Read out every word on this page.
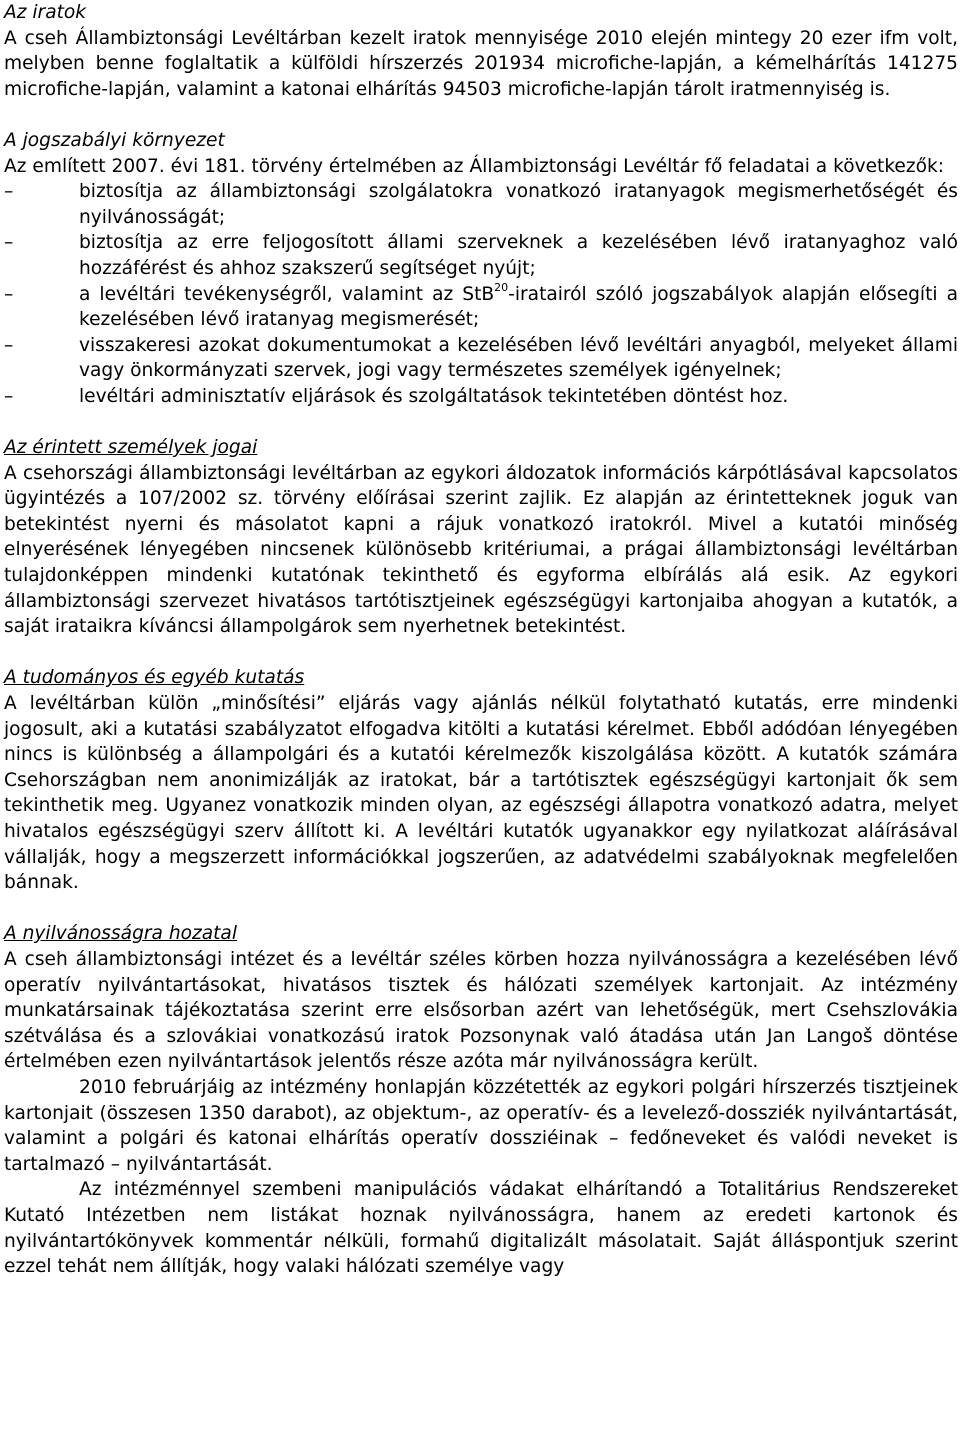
Az iratok

A cseh Állambiztonsági Levéltárban kezelt iratok mennyisége 2010 elején mintegy 20 ezer ifm volt, melyben benne foglaltatik a külföldi hírszerzés 201934 microfiche-lapján, a kémelhárítás 141275 microfiche-lapján, valamint a katonai elhárítás 94503 microfiche-lapján tárolt iratmennyiség is.

A jogszabályi környezet

Az említett 2007. évi 181. törvény értelmében az Állambiztonsági Levéltár fő feladatai a következők:

–	biztosítja az állambiztonsági szolgálatokra vonatkozó iratanyagok megismerhetőségét és nyilvánosságát;
–	biztosítja az erre feljogosított állami szerveknek a kezelésében lévő iratanyaghoz való hozzáférést és ahhoz szakszerű segítséget nyújt;
–	a levéltári tevékenységről, valamint az StB$^{20}$-iratairól szóló jogszabályok alapján elősegíti a kezelésében lévő iratanyag megismerését;
–	visszakeresi azokat dokumentumokat a kezelésében lévő levéltári anyagból, melyeket állami vagy önkormányzati szervek, jogi vagy természetes személyek igényelnek;
–	levéltári adminisztatív eljárások és szolgáltatások tekintetében döntést hoz.

Az érintett személyek jogai

A csehországi állambiztonsági levéltárban az egykori áldozatok információs kárpótlásával kapcsolatos ügyintézés a 107/2002 sz. törvény előírásai szerint zajlik. Ez alapján az érintetteknek joguk van betekintést nyerni és másolatot kapni a rájuk vonatkozó iratokról. Mivel a kutatói minőség elnyerésének lényegében nincsenek különösebb kritériumai, a prágai állambiztonsági levéltárban tulajdonképpen mindenki kutatónak tekinthető és egyforma elbírálás alá esik. Az egykori állambiztonsági szervezet hivatásos tartótisztjeinek egészségügyi kartonjaiba ahogyan a kutatók, a saját irataikra kíváncsi állampolgárok sem nyerhetnek betekintést.

A tudományos és egyéb kutatás

A levéltárban külön „minősítési” eljárás vagy ajánlás nélkül folytatható kutatás, erre mindenki jogosult, aki a kutatási szabályzatot elfogadva kitölti a kutatási kérelmet. Ebből adódóan lényegében nincs is különbség a állampolgári és a kutatói kérelmezők kiszolgálása között. A kutatók számára Csehországban nem anonimizálják az iratokat, bár a tartótisztek egészségügyi kartonjait ők sem tekinthetik meg. Ugyanez vonatkozik minden olyan, az egészségi állapotra vonatkozó adatra, melyet hivatalos egészségügyi szerv állított ki. A levéltári kutatók ugyanakkor egy nyilatkozat aláírásával vállalják, hogy a megszerzett információkkal jogszerűen, az adatvédelmi szabályoknak megfelelően bánnak.

A nyilvánosságra hozatal

A cseh állambiztonsági intézet és a levéltár széles körben hozza nyilvánosságra a kezelésében lévő operatív nyilvántartásokat, hivatásos tisztek és hálózati személyek kartonjait. Az intézmény munkatársainak tájékoztatása szerint erre elsősorban azért van lehetőségük, mert Csehszlovákia szétválása és a szlovákiai vonatkozású iratok Pozsonynak való átadása után Jan Langoš döntése értelmében ezen nyilvántartások jelentős része azóta már nyilvánosságra került.

2010 februárjáig az intézmény honlapján közzétették az egykori polgári hírszerzés tisztjeinek kartonjait (összesen 1350 darabot), az objektum-, az operatív- és a levelező-dossziék nyilvántartását, valamint a polgári és katonai elhárítás operatív dossziéinak – fedőneveket és valódi neveket is tartalmazó – nyilvántartását.

Az intézménnyel szembeni manipulációs vádakat elhárítandó a Totalitárius Rendszereket Kutató Intézetben nem listákat hoznak nyilvánosságra, hanem az eredeti kartonok és nyilvántartókönyvek kommentár nélküli, formahű digitalizált másolatait. Saját álláspontjuk szerint ezzel tehát nem állítják, hogy valaki hálózati személye vagy
